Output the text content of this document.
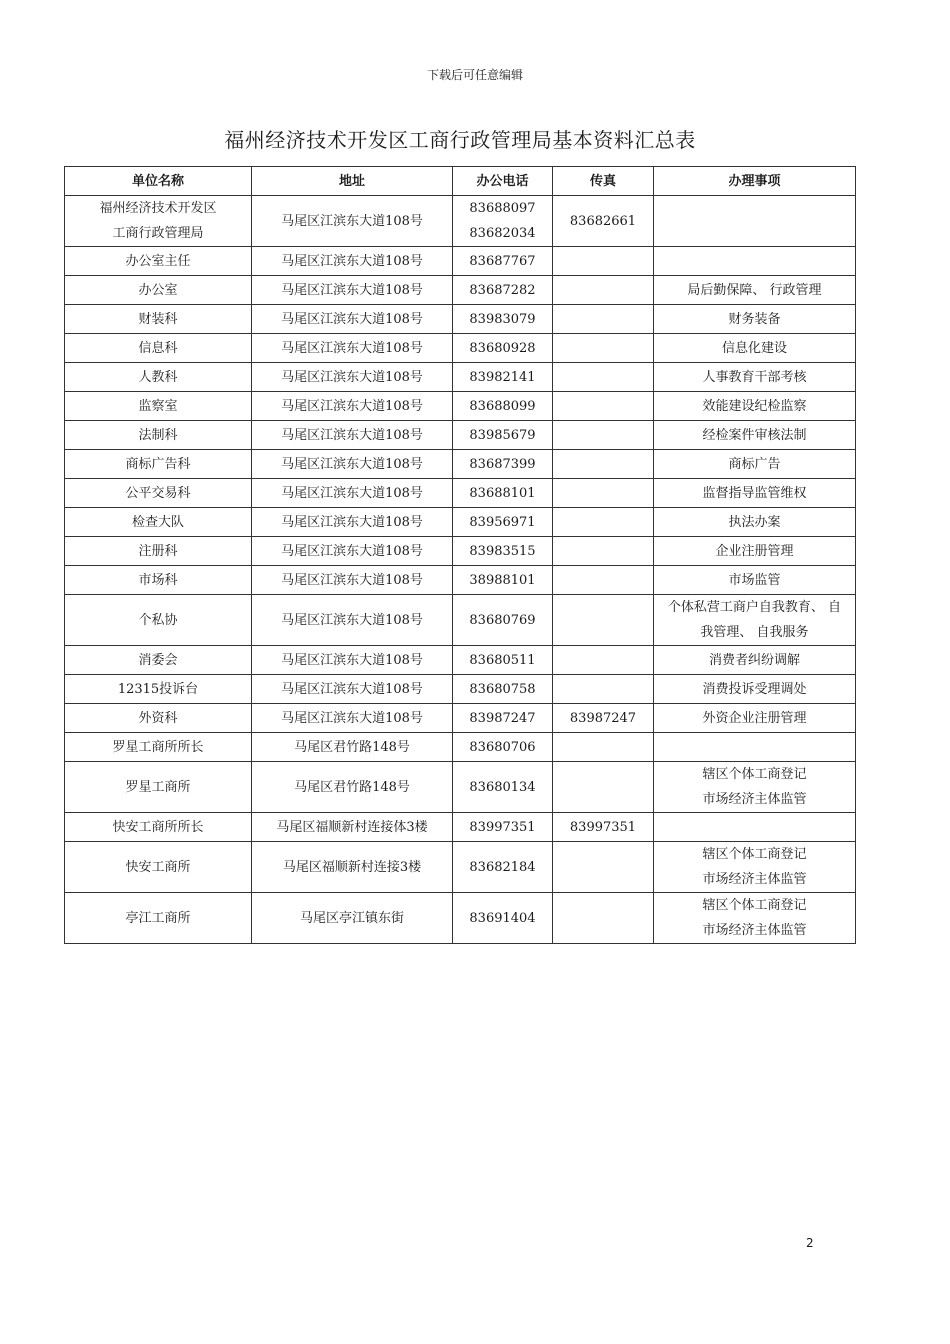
下载后可任意编辑
福州经济技术开发区工商行政管理局基本资料汇总表
单位名称	地址	办公电话	传真	办理事项

福州经济技术开发区
工商行政管理局	马尾区江滨东大道108号	83688097
83682034	83682661	

办公室主任	马尾区江滨东大道108号	83687767		

办公室	马尾区江滨东大道108号	83687282		局后勤保障、 行政管理

财装科	马尾区江滨东大道108号	83983079		财务装备

信息科	马尾区江滨东大道108号	83680928		信息化建设

人教科	马尾区江滨东大道108号	83982141		人事教育干部考核

监察室	马尾区江滨东大道108号	83688099		效能建设纪检监察

法制科	马尾区江滨东大道108号	83985679		经检案件审核法制

商标广告科	马尾区江滨东大道108号	83687399		商标广告

公平交易科	马尾区江滨东大道108号	83688101		监督指导监管维权

检查大队	马尾区江滨东大道108号	83956971		执法办案

注册科	马尾区江滨东大道108号	83983515		企业注册管理

市场科	马尾区江滨东大道108号	38988101		市场监管

个私协	马尾区江滨东大道108号	83680769		个体私营工商户自我教育、 自
我管理、 自我服务

消委会	马尾区江滨东大道108号	83680511		消费者纠纷调解

12315投诉台	马尾区江滨东大道108号	83680758		消费投诉受理调处

外资科	马尾区江滨东大道108号	83987247	83987247	外资企业注册管理

罗星工商所所长	马尾区君竹路148号	83680706		

罗星工商所	马尾区君竹路148号	83680134		辖区个体工商登记
市场经济主体监管

快安工商所所长	马尾区福顺新村连接体3楼	83997351	83997351	

快安工商所	马尾区福顺新村连接3楼	83682184		辖区个体工商登记
市场经济主体监管

亭江工商所	马尾区亭江镇东街	83691404		辖区个体工商登记
市场经济主体监管
2
